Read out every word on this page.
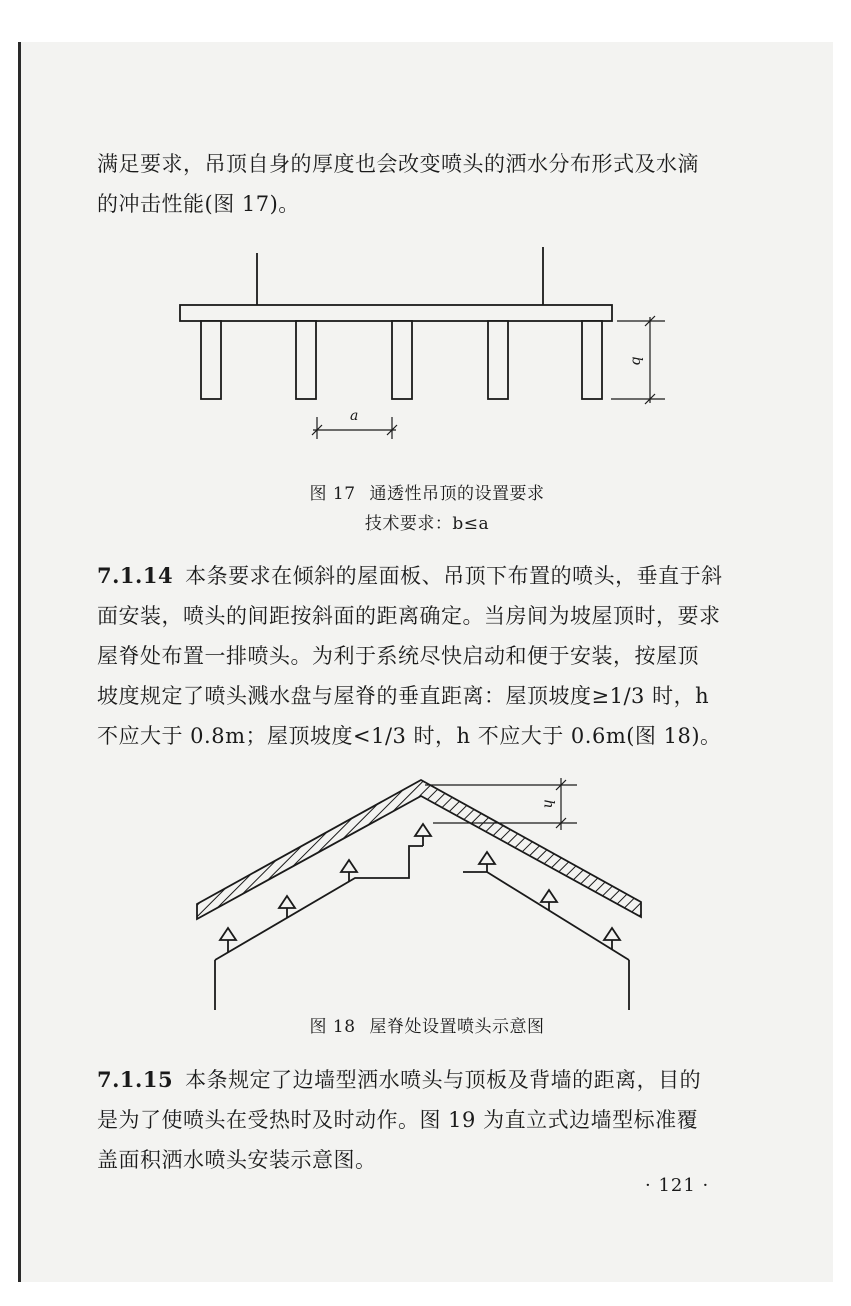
满足要求，吊顶自身的厚度也会改变喷头的洒水分布形式及水滴
的冲击性能(图 17)。

a
b
图 17 通透性吊顶的设置要求
技术要求：b≤a

7.1.14 本条要求在倾斜的屋面板、吊顶下布置的喷头，垂直于斜
面安装，喷头的间距按斜面的距离确定。当房间为坡屋顶时，要求
屋脊处布置一排喷头。为利于系统尽快启动和便于安装，按屋顶
坡度规定了喷头溅水盘与屋脊的垂直距离：屋顶坡度≥1/3 时，h
不应大于 0.8m；屋顶坡度<1/3 时，h 不应大于 0.6m(图 18)。

h
图 18 屋脊处设置喷头示意图

7.1.15 本条规定了边墙型洒水喷头与顶板及背墙的距离，目的
是为了使喷头在受热时及时动作。图 19 为直立式边墙型标准覆
盖面积洒水喷头安装示意图。

· 121 ·
